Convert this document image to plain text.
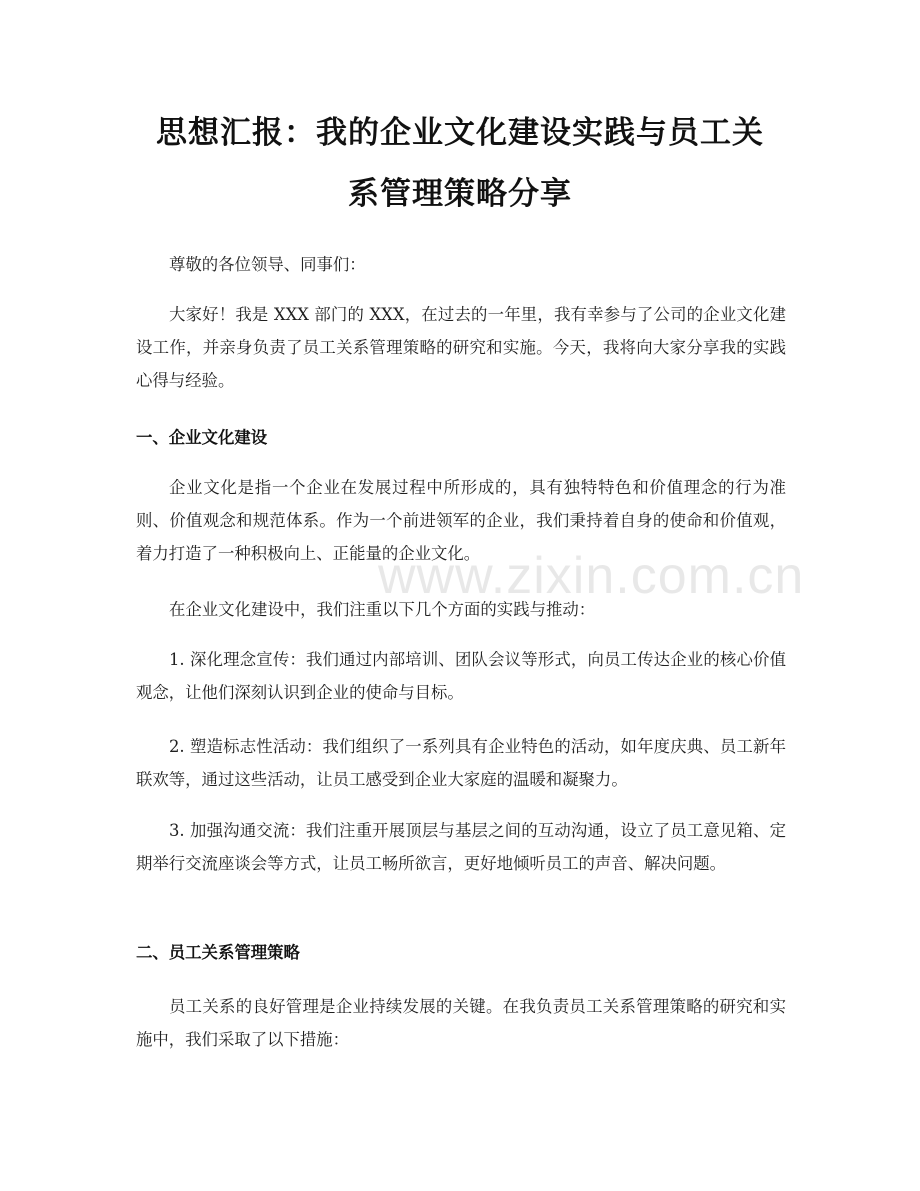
思想汇报：我的企业文化建设实践与员工关
系管理策略分享
尊敬的各位领导、同事们：
大家好！我是 XXX 部门的 XXX，在过去的一年里，我有幸参与了公司的企业文化建设工作，并亲身负责了员工关系管理策略的研究和实施。今天，我将向大家分享我的实践心得与经验。
一、企业文化建设
企业文化是指一个企业在发展过程中所形成的，具有独特特色和价值理念的行为准则、价值观念和规范体系。作为一个前进领军的企业，我们秉持着自身的使命和价值观，着力打造了一种积极向上、正能量的企业文化。
在企业文化建设中，我们注重以下几个方面的实践与推动：
1. 深化理念宣传：我们通过内部培训、团队会议等形式，向员工传达企业的核心价值观念，让他们深刻认识到企业的使命与目标。
2. 塑造标志性活动：我们组织了一系列具有企业特色的活动，如年度庆典、员工新年联欢等，通过这些活动，让员工感受到企业大家庭的温暖和凝聚力。
3. 加强沟通交流：我们注重开展顶层与基层之间的互动沟通，设立了员工意见箱、定期举行交流座谈会等方式，让员工畅所欲言，更好地倾听员工的声音、解决问题。
二、员工关系管理策略
员工关系的良好管理是企业持续发展的关键。在我负责员工关系管理策略的研究和实施中，我们采取了以下措施：
www.zixin.com.cn
